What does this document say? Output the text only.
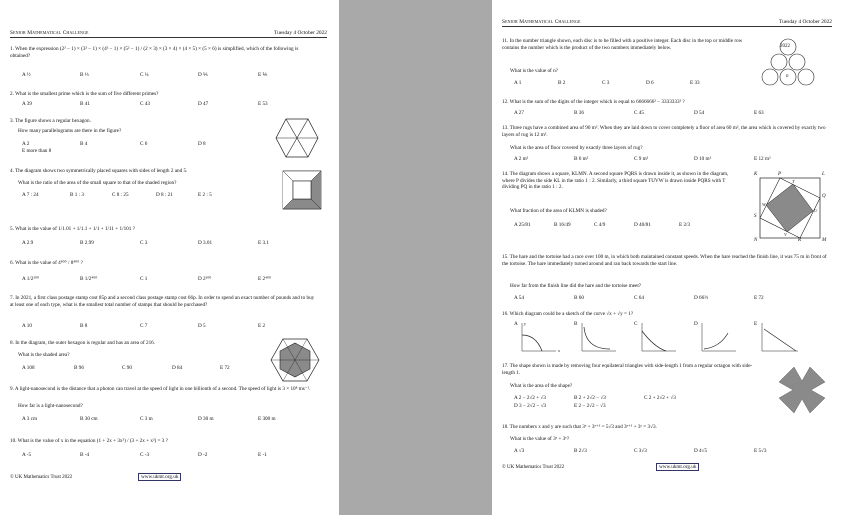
Senior Mathematical Challenge	Tuesday 4 October 2022
1. When the expression (2² − 1) × (3² − 1) × (4² − 1) × (5² − 1) / (2 × 3) × (3 × 4) × (4 × 5) × (5 × 6) is simplified, which of the following is obtained?
A ½	B ⅓	C ¼	D ⅕	E ⅙
2. What is the smallest prime which is the sum of five different primes?
A 39	B 41	C 43	D 47	E 53
3. The figure shows a regular hexagon.
How many parallelograms are there in the figure?
A 2	B 4	C 6	D 8
E more than 8
4. The diagram shows two symmetrically placed squares with sides of length 2 and 5.
What is the ratio of the area of the small square to that of the shaded region?
A 7 : 24	B 1 : 3	C 8 : 25	D 8 : 21	E 2 : 5
5. What is the value of 1/1.01 + 1/1.1 + 1/1 + 1/11 + 1/101 ?
A 2.9	B 2.99	C 3	D 3.01	E 3.1
6. What is the value of 4⁸⁰⁰ / 8⁴⁰⁰ ?
A 1/2²⁰⁰	B 1/2⁴⁰⁰	C 1	D 2²⁰⁰	E 2⁴⁰⁰
7. In 2021, a first class postage stamp cost 85p and a second class postage stamp cost 66p. In order to spend an exact number of pounds and to buy at least one of each type, what is the smallest total number of stamps that should be purchased?
A 10	B 8	C 7	D 5	E 2
8. In the diagram, the outer hexagon is regular and has an area of 216.
What is the shaded area?
A 108	B 96	C 90	D 84	E 72
9. A light-nanosecond is the distance that a photon can travel at the speed of light in one billionth of a second. The speed of light is 3 × 10⁸ ms⁻¹.
How far is a light-nanosecond?
A 3 cm	B 30 cm	C 3 m	D 30 m	E 300 m
10. What is the value of x in the equation (1 + 2x + 3x²) / (3 + 2x + x²) = 3 ?
A -5	B -4	C -3	D -2	E -1
© UK Mathematics Trust 2022	www.ukmt.org.uk
Senior Mathematical Challenge	Tuesday 4 October 2022
11. In the number triangle shown, each disc is to be filled with a positive integer. Each disc in the top or middle row contains the number which is the product of the two numbers immediately below.
What is the value of n?
A 1	B 2	C 3	D 6	E 33
2022
n
12. What is the sum of the digits of the integer which is equal to 6666666² − 3333333² ?
A 27	B 36	C 45	D 54	E 63
13. Three rugs have a combined area of 90 m². When they are laid down to cover completely a floor of area 60 m², the area which is covered by exactly two layers of rug is 12 m².
What is the area of floor covered by exactly three layers of rug?
A 2 m²	B 6 m²	C 9 m²	D 10 m²	E 12 m²
14. The diagram shows a square, KLMN. A second square PQRS is drawn inside it, as shown in the diagram, where P divides the side KL in the ratio 1 : 2. Similarly, a third square TUVW is drawn inside PQRS with T dividing PQ in the ratio 1 : 2.
What fraction of the area of KLMN is shaded?
A 25/81	B 16/49	C 4/9	D 40/81	E 2/3
K	P	L
Q
M
R
N
S
T
U
V
W
15. The hare and the tortoise had a race over 100 m, in which both maintained constant speeds. When the hare reached the finish line, it was 75 m in front of the tortoise. The hare immediately turned around and ran back towards the start line.
How far from the finish line did the hare and the tortoise meet?
A 54	B 60	C 64	D 66⅔	E 72
16. Which diagram could be a sketch of the curve √x + √y = 1?
A	B	C	D	E
y
x
17. The shape shown is made by removing four equilateral triangles with side-length 1 from a regular octagon with side-length 1.
What is the area of the shape?
A 2 − 2√2 + √3	B 2 + 2√2 − √3	C 2 + 2√2 + √3
D 3 − 2√2 − √3	E 2 − 2√2 − √3
18. The numbers x and y are such that 3ˣ + 3ʸ⁺¹ = 5√3 and 3ˣ⁺¹ + 3ʸ = 3√3.
What is the value of 3ˣ + 3ʸ?
A √3	B 2√3	C 3√3	D 4√5	E 5√3
© UK Mathematics Trust 2022	www.ukmt.org.uk
